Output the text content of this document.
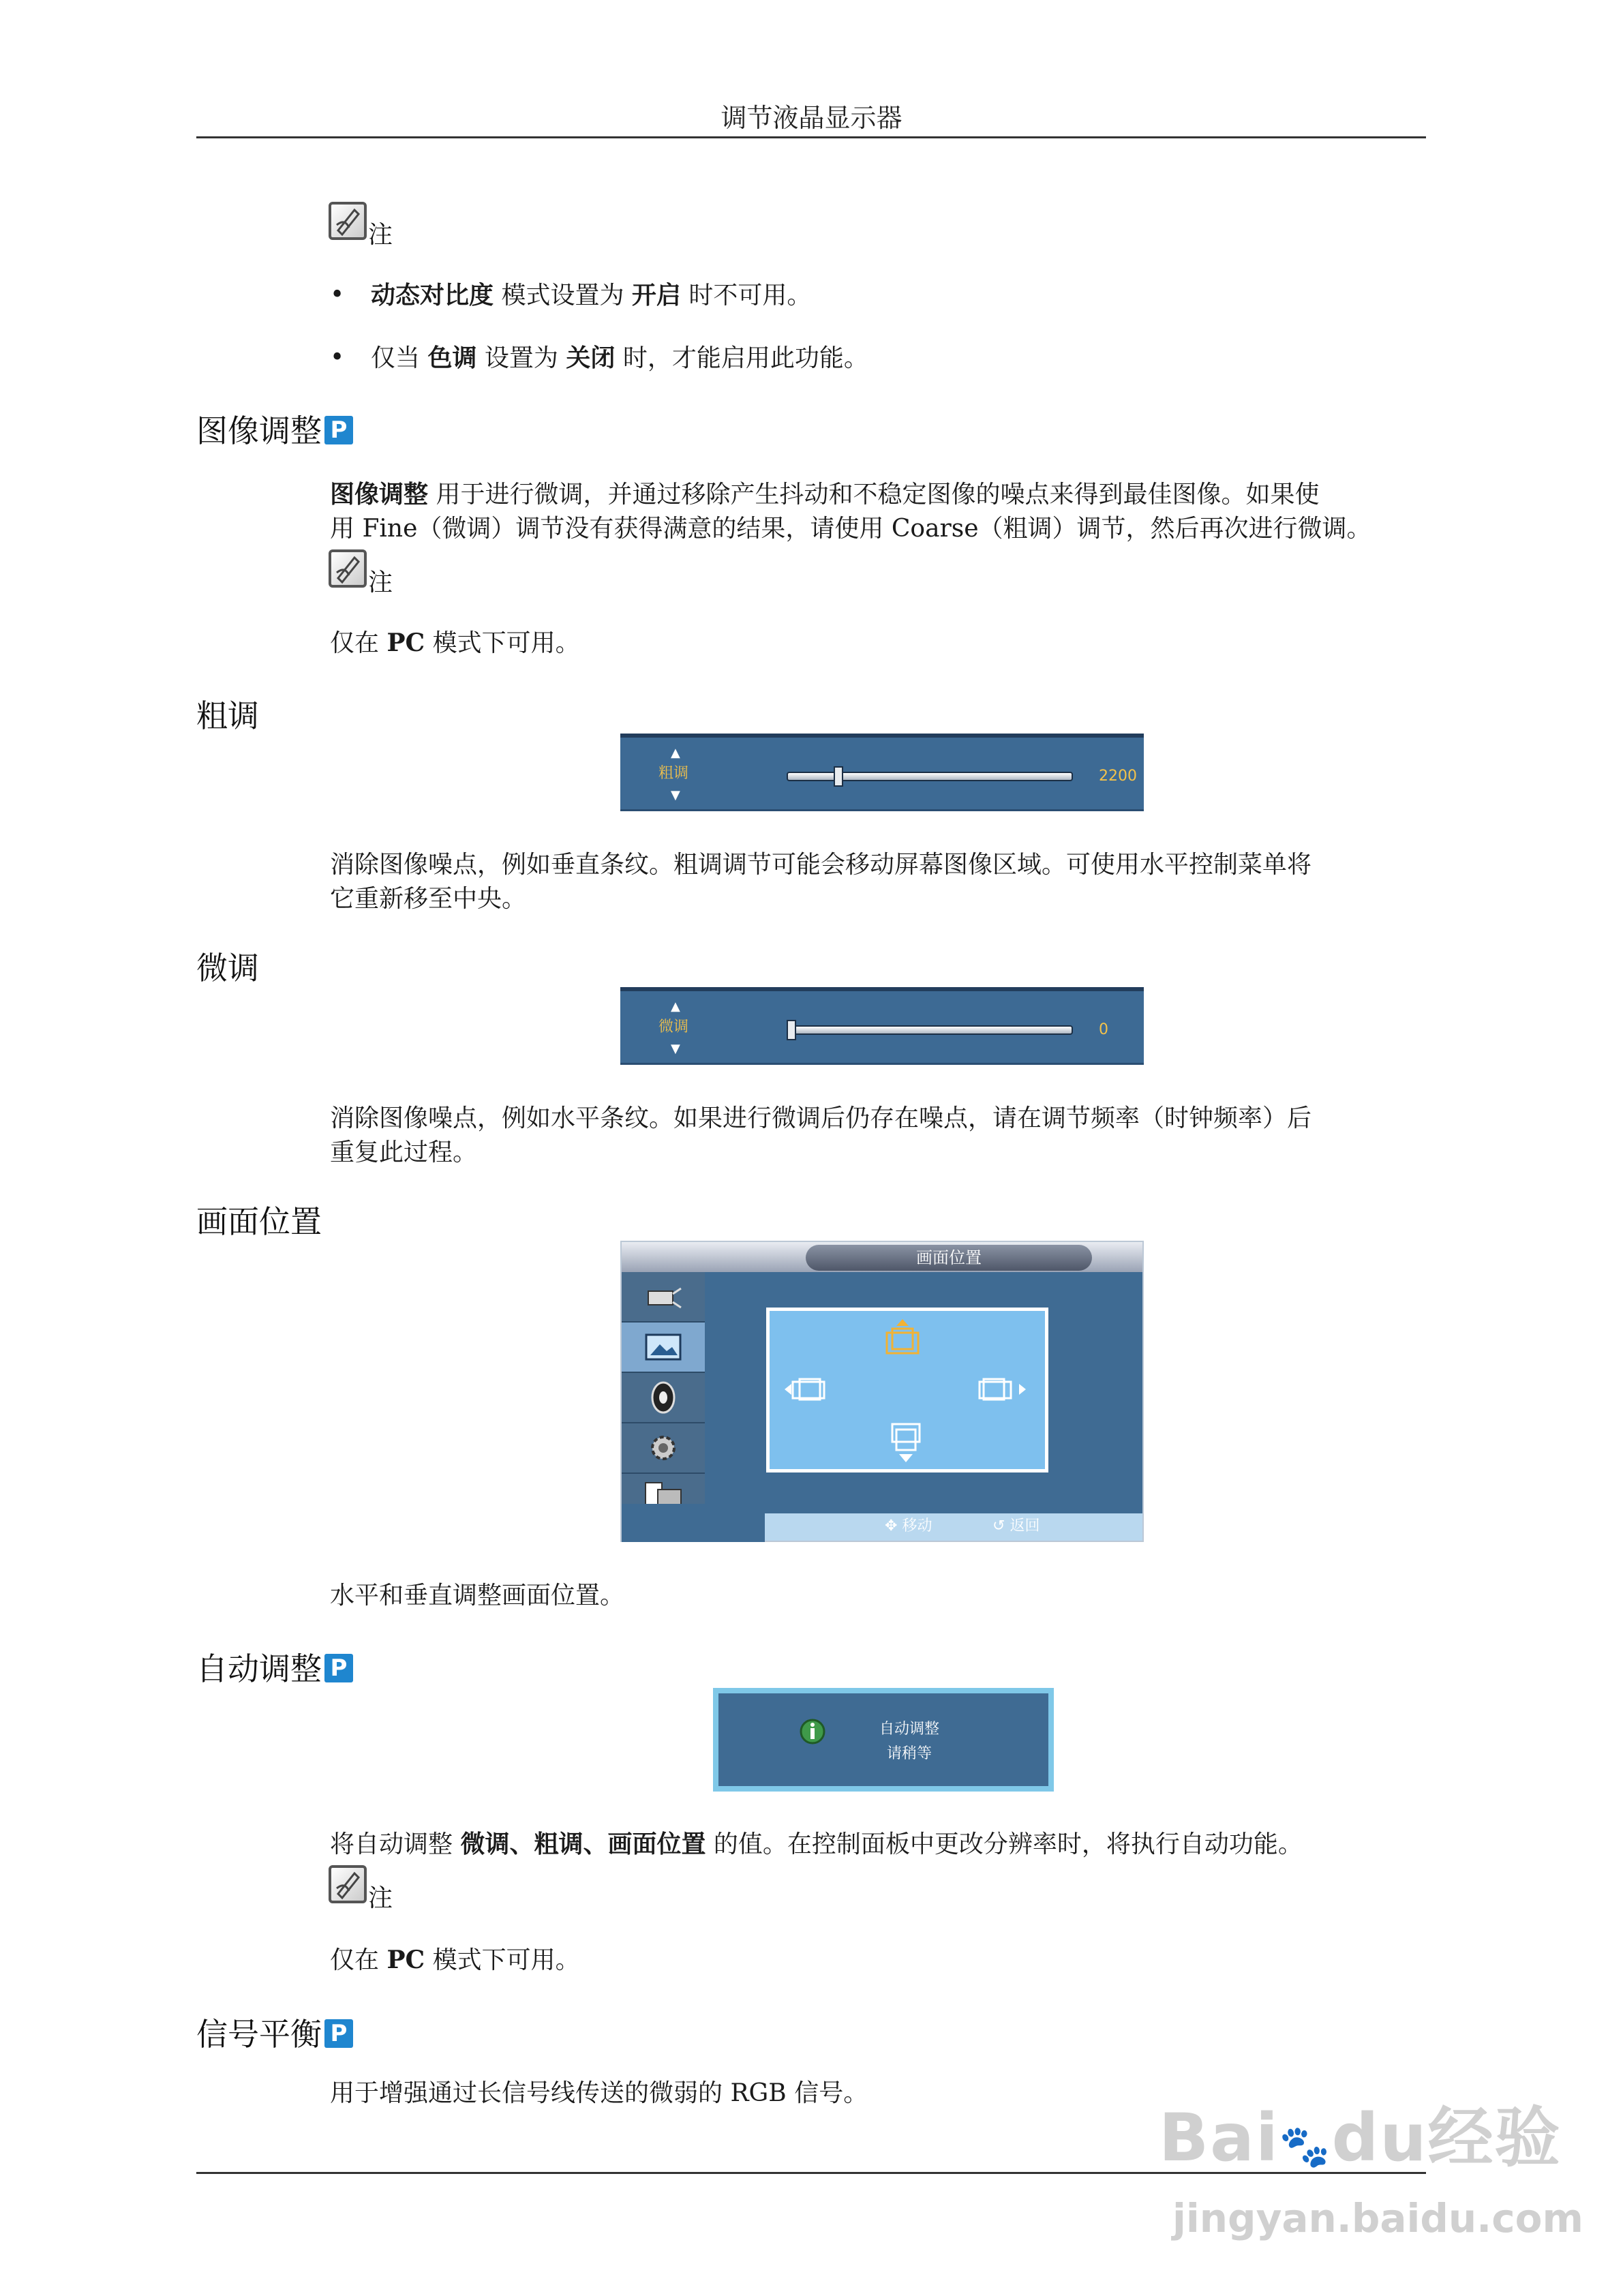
调节液晶显示器
注
• 动态对比度 模式设置为 开启 时不可用。
• 仅当 色调 设置为 关闭 时，才能启用此功能。
图像调整 P
图像调整 用于进行微调，并通过移除产生抖动和不稳定图像的噪点来得到最佳图像。如果使
用 Fine（微调）调节没有获得满意的结果，请使用 Coarse（粗调）调节，然后再次进行微调。
注
仅在 PC 模式下可用。
粗调
▲
粗调
▼
2200
消除图像噪点，例如垂直条纹。粗调调节可能会移动屏幕图像区域。可使用水平控制菜单将
它重新移至中央。
微调
▲
微调
▼
0
消除图像噪点，例如水平条纹。如果进行微调后仍存在噪点，请在调节频率（时钟频率）后
重复此过程。
画面位置
画面位置
✥ 移动	↺ 返回
水平和垂直调整画面位置。
自动调整 P
自动调整
请稍等
将自动调整 微调、粗调、画面位置 的值。在控制面板中更改分辨率时，将执行自动功能。
注
仅在 PC 模式下可用。
信号平衡 P
用于增强通过长信号线传送的微弱的 RGB 信号。
Bai🐾du经验
jingyan.baidu.com
